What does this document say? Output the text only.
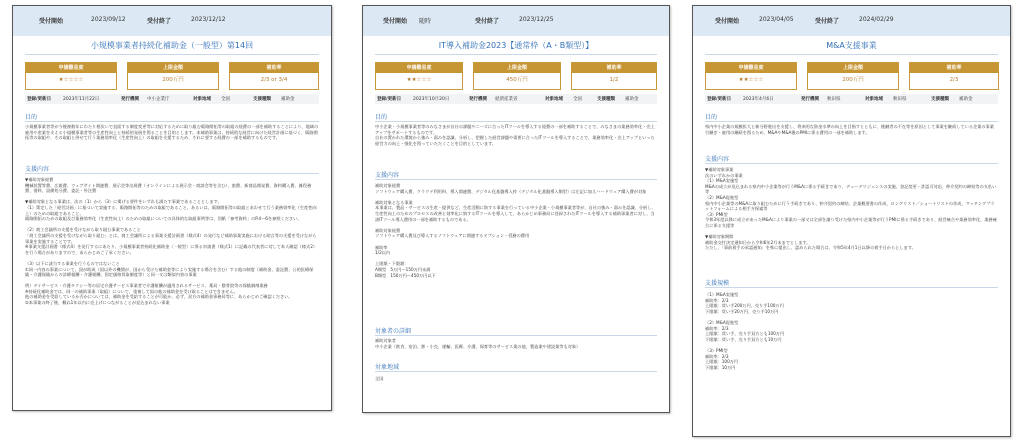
受付開始	2023/09/12	受付終了	2023/12/12
小規模事業者持続化補助金（一般型）第14回
申請難易度
★☆☆☆☆
上限金額
200万円
補助率
2/3 or 3/4
登録/更新日	2023年11月22日	発行機関 中小企業庁	対象地域 全国	支援種類 補助金
目的
小規模事業者等が今後複数年にわたり相次いで直面する制度変更等に対応するために取り組む販路開拓等の取組の経費の一部を補助することにより、地域の雇用や産業を支える小規模事業者等の生産性向上と持続的発展を図ることを目的とします。本補助事業は、持続的な経営に向けた経営計画に基づく、販路開拓等の取組や、その取組と併せて行う業務効率化（生産性向上）の取組を支援するため、それに要する経費の一部を補助するものです。
支援内容
▼補助対象経費
機械装置等費、広報費、ウェブサイト関連費、展示会等出展費（オンラインによる展示会・商談会等を含む）、旅費、新商品開発費、資料購入費、雑役務費、借料、設備処分費、委託・外注費

▼補助対象となる事業は、次の（1）から（3）に掲げる要件をいずれも満たす事業であることとします。
（1）策定した「経営計画」に基づいて実施する、販路開拓等のための取組であること。あるいは、販路開拓等の取組とあわせて行う業務効率化（生産性向上）のための取組であること。
販路開拓のための取組及び業務効率化（生産性向上）のための取組についての具体的な取組事例等は、別紙「参考資料」のP.4〜6を参照ください。

（2）商工会議所の支援を受けながら取り組む事業であること
「商工会議所の支援を受けながら取り組む」とは、商工会議所による事業支援計画書（様式4）の発行など補助事業実施における助言等の支援を受けながら事業を実施することです。
※事業支援計画書（様式4）を発行するにあたり、小規模事業者持続化補助金〈一般型〉に係る申請書（様式1）に記載の代表者に対して本人確認（様式2）を行う場合がありますので、あらかじめご了承ください。

（3）以下に該当する事業を行うものではないこと
①同一内容の事業について、国が助成（国以外の機関が、国から受けた補助金等により実施する場合を含む）する他の制度（補助金、委託費、公的医療保険・介護保険からの診療報酬・介護報酬、固定価格買取制度等）と同一又は類似内容の事業

例）デイサービス・介護タクシー等の居宅介護サービス事業者で介護報酬が適用されるサービス、薬局・整骨院等の保険調剤業務
※持続化補助金では、同一の補助事業（取組）について、重複して国の他の補助金を受け取ることはできません。
他の補助金を受給しているか否かについては、補助金を受給することが可能か、必ず、双方の補助金事務局等に、あらかじめご確認ください。
②本事業の終了後、概ね1年以内に売上げにつながることが見込まれない事業
受付開始 随時	受付終了	2023/12/25
IT導入補助金2023【通常枠（A・B類型）】
申請難易度
★★☆☆☆
上限金額
450万円
補助率
1/2
登録/更新日	2023年10月20日	発行機関 経済産業省	対象地域 全国	支援種類 補助金
目的
中小企業・小規模事業者等のみなさまが自社の課題やニーズに合ったITツールを導入する経費の一部を補助することで、みなさまの業務効率化・売上アップをサポートするものです。
自社の置かれた環境から強み・弱みを認識、分析し、把握した経営課題や需要に合ったITツールを導入することで、業務効率化・売上アップといった経営力の向上・強化を図っていただくことを目的としています。
支援内容
補助対象経費
ソフトウェア購入費、クラウド利用料、導入関連費、デジタル化基盤導入枠（デジタル化基盤導入類型）は左記に加えハードウェア購入費が対象

補助対象となる事業
本事業は、製品・サービスの生産・提供など、生産活動に資する事業を行っている中小企業・小規模事業者等が、自社の強み・弱みを認識、分析し、生産性向上のためのプロセスの改善と効率化に資するITツールを導入して、あらかじめ事務局に登録されたITツールを導入する補助事業者に対し、当該ITツール導入費用の一部を補助するものである。

補助対象経費
ソフトウェア購入費及び導入するソフトウェアに関連するオプション・役務の費用

補助率
1/2以内

上限額・下限額：
A類型　5万円〜150万円未満
B類型　150万円〜450万円以下
対象者の詳細
補助対象者
中小企業（飲食、宿泊、卸・小売、運輸、医療、介護、保育等のサービス業の他、製造業や建設業等も対象）
対象地域
全国
受付開始	2023/04/05	受付終了	2024/02/29
M&A支援事業
申請難易度
★★☆☆☆
上限金額
200万円
補助率
2/3
登録/更新日	2023年4月6日	発行機関 秋田県	対象地域 秋田県	支援種類 補助金
目的
県内中小企業の規模拡大と新分野進出を支援し、将来的な資金水準の向上を目指すとともに、後継者の不在等を原因として事業を継続している企業の事業引継ぎ・雇用の継続を図るため、M&AやM&A後のPMIに係る費用の一部を補助します。
支援内容
▼補助対象事業
次のいずれかの事業
（1）M&A実施型
M&Aの成立が見込まれる県内中小企業等が行うM&Aに係る手続きであり、デューデリジェンスの実施、登記変更・許認可対応、仲介契約の締結等の支払い等
（2）M&A促進型
県内中小企業等のM&Aに取り組むために行う手続きであり、仲介契約の締結、企業概要書の作成、ロングリスト／ショートリストの作成、マッチングプラットフォームによる相手方探索等
（3）PMI型
令和3年度以降に成立があったM&Aにより事業の一部又は全部を譲り受けた県内中小企業等が行うPMIに係る手続きであり、経営統合や業務効率化、業務統合に係る支援等

▼補助対象期間
補助金交付決定通知日から令和6年2月末までとします。
ただし、「事前着手の承認通知」を県に提出し、認められた場合は、令和5年4月1日以降の着手日からとします。
支援規模
（1）M&A実施型
補助率：2/3
上限額：買い手200万円、売り手100万円
下限額：買い手20万円、売り手10万円

（2）M&A促進型
補助率：2/3
上限額：買い手、売り手双方とも100万円
下限額：買い手、売り手双方とも10万円

（3）PMI型
補助率：2/3
上限額：100万円
下限額：10万円
